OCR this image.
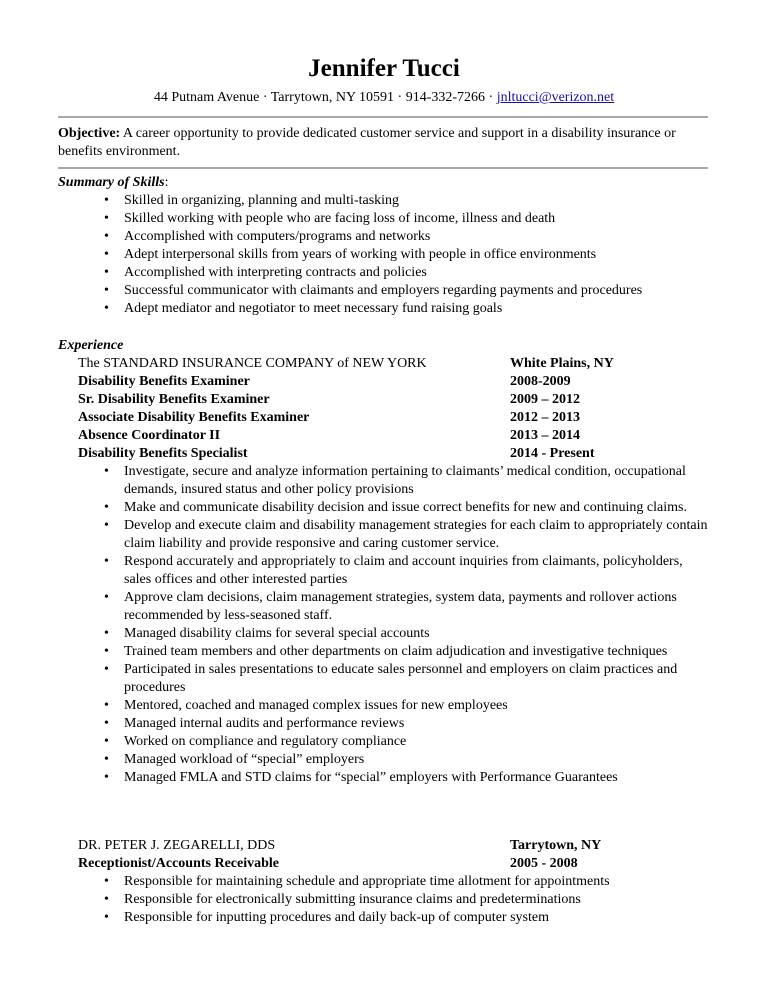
Jennifer Tucci
44 Putnam Avenue · Tarrytown, NY 10591 · 914-332-7266 · jnltucci@verizon.net
Objective: A career opportunity to provide dedicated customer service and support in a disability insurance or benefits environment.
Summary of Skills:
• Skilled in organizing, planning and multi-tasking
• Skilled working with people who are facing loss of income, illness and death
• Accomplished with computers/programs and networks
• Adept interpersonal skills from years of working with people in office environments
• Accomplished with interpreting contracts and policies
• Successful communicator with claimants and employers regarding payments and procedures
• Adept mediator and negotiator to meet necessary fund raising goals
Experience
The STANDARD INSURANCE COMPANY of NEW YORK	White Plains, NY
Disability Benefits Examiner	2008-2009
Sr. Disability Benefits Examiner	2009 – 2012
Associate Disability Benefits Examiner	2012 – 2013
Absence Coordinator II	2013 – 2014
Disability Benefits Specialist	2014 - Present
• Investigate, secure and analyze information pertaining to claimants’ medical condition, occupational demands, insured status and other policy provisions
• Make and communicate disability decision and issue correct benefits for new and continuing claims.
• Develop and execute claim and disability management strategies for each claim to appropriately contain claim liability and provide responsive and caring customer service.
• Respond accurately and appropriately to claim and account inquiries from claimants, policyholders, sales offices and other interested parties
• Approve clam decisions, claim management strategies, system data, payments and rollover actions recommended by less-seasoned staff.
• Managed disability claims for several special accounts
• Trained team members and other departments on claim adjudication and investigative techniques
• Participated in sales presentations to educate sales personnel and employers on claim practices and procedures
• Mentored, coached and managed complex issues for new employees
• Managed internal audits and performance reviews
• Worked on compliance and regulatory compliance
• Managed workload of “special” employers
• Managed FMLA and STD claims for “special” employers with Performance Guarantees
DR. PETER J. ZEGARELLI, DDS	Tarrytown, NY
Receptionist/Accounts Receivable	2005 - 2008
• Responsible for maintaining schedule and appropriate time allotment for appointments
• Responsible for electronically submitting insurance claims and predeterminations
• Responsible for inputting procedures and daily back-up of computer system
